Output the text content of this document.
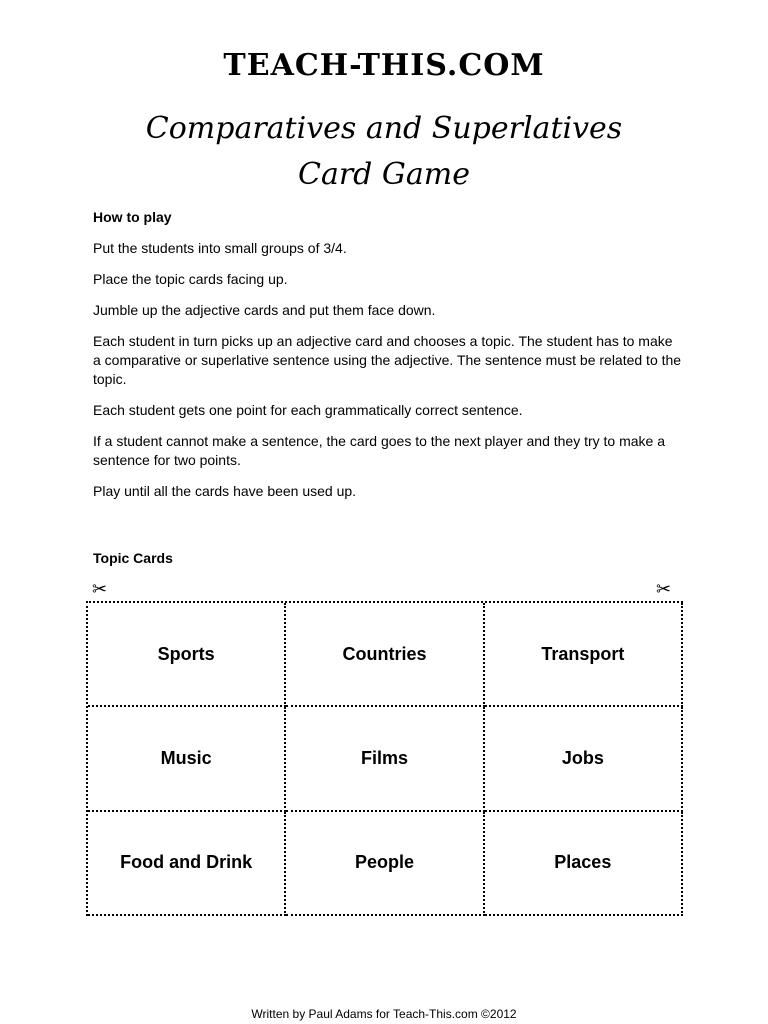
TEACH-THIS.COM
Comparatives and Superlatives
Card Game
How to play

Put the students into small groups of 3/4.

Place the topic cards facing up.

Jumble up the adjective cards and put them face down.

Each student in turn picks up an adjective card and chooses a topic. The student has to make a comparative or superlative sentence using the adjective. The sentence must be related to the topic.

Each student gets one point for each grammatically correct sentence.

If a student cannot make a sentence, the card goes to the next player and they try to make a sentence for two points.

Play until all the cards have been used up.

Topic Cards
✂	✂
Sports	Countries	Transport
Music	Films	Jobs
Food and Drink	People	Places
Written by Paul Adams for Teach-This.com ©2012
